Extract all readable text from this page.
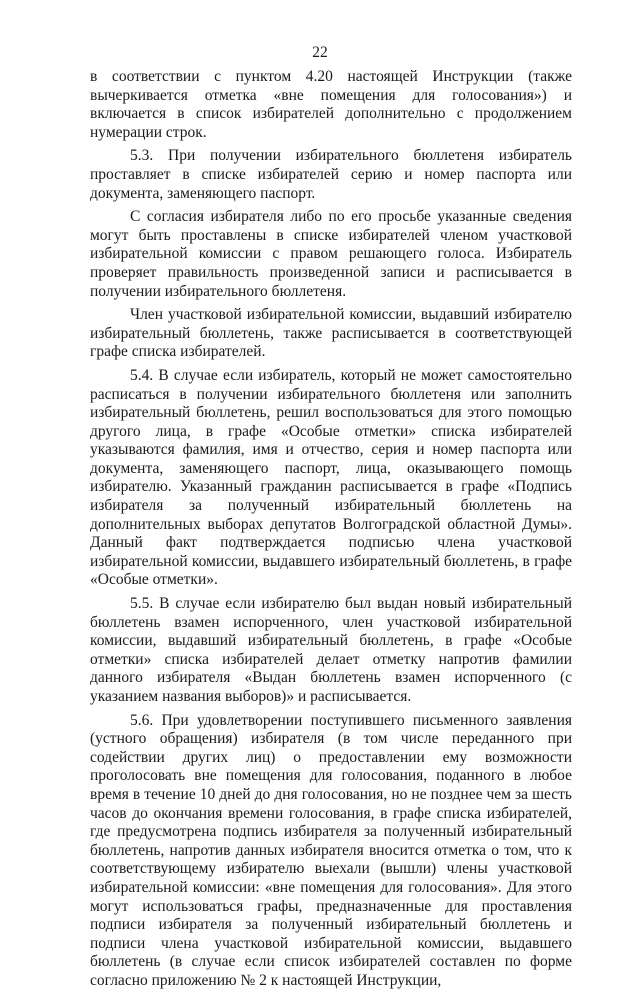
22

в соответствии с пунктом 4.20 настоящей Инструкции (также вычеркивается отметка «вне помещения для голосования») и включается в список избирателей дополнительно с продолжением нумерации строк.

5.3. При получении избирательного бюллетеня избиратель проставляет в списке избирателей серию и номер паспорта или документа, заменяющего паспорт.

С согласия избирателя либо по его просьбе указанные сведения могут быть проставлены в списке избирателей членом участковой избирательной комиссии с правом решающего голоса. Избиратель проверяет правильность произведенной записи и расписывается в получении избирательного бюллетеня.

Член участковой избирательной комиссии, выдавший избирателю избирательный бюллетень, также расписывается в соответствующей графе списка избирателей.

5.4. В случае если избиратель, который не может самостоятельно расписаться в получении избирательного бюллетеня или заполнить избирательный бюллетень, решил воспользоваться для этого помощью другого лица, в графе «Особые отметки» списка избирателей указываются фамилия, имя и отчество, серия и номер паспорта или документа, заменяющего паспорт, лица, оказывающего помощь избирателю. Указанный гражданин расписывается в графе «Подпись избирателя за полученный избирательный бюллетень на дополнительных выборах депутатов Волгоградской областной Думы». Данный факт подтверждается подписью члена участковой избирательной комиссии, выдавшего избирательный бюллетень, в графе «Особые отметки».

5.5. В случае если избирателю был выдан новый избирательный бюллетень взамен испорченного, член участковой избирательной комиссии, выдавший избирательный бюллетень, в графе «Особые отметки» списка избирателей делает отметку напротив фамилии данного избирателя «Выдан бюллетень взамен испорченного (с указанием названия выборов)» и расписывается.

5.6. При удовлетворении поступившего письменного заявления (устного обращения) избирателя (в том числе переданного при содействии других лиц) о предоставлении ему возможности проголосовать вне помещения для голосования, поданного в любое время в течение 10 дней до дня голосования, но не позднее чем за шесть часов до окончания времени голосования, в графе списка избирателей, где предусмотрена подпись избирателя за полученный избирательный бюллетень, напротив данных избирателя вносится отметка о том, что к соответствующему избирателю выехали (вышли) члены участковой избирательной комиссии: «вне помещения для голосования». Для этого могут использоваться графы, предназначенные для проставления подписи избирателя за полученный избирательный бюллетень и подписи члена участковой избирательной комиссии, выдавшего бюллетень (в случае если список избирателей составлен по форме согласно приложению № 2 к настоящей Инструкции,
